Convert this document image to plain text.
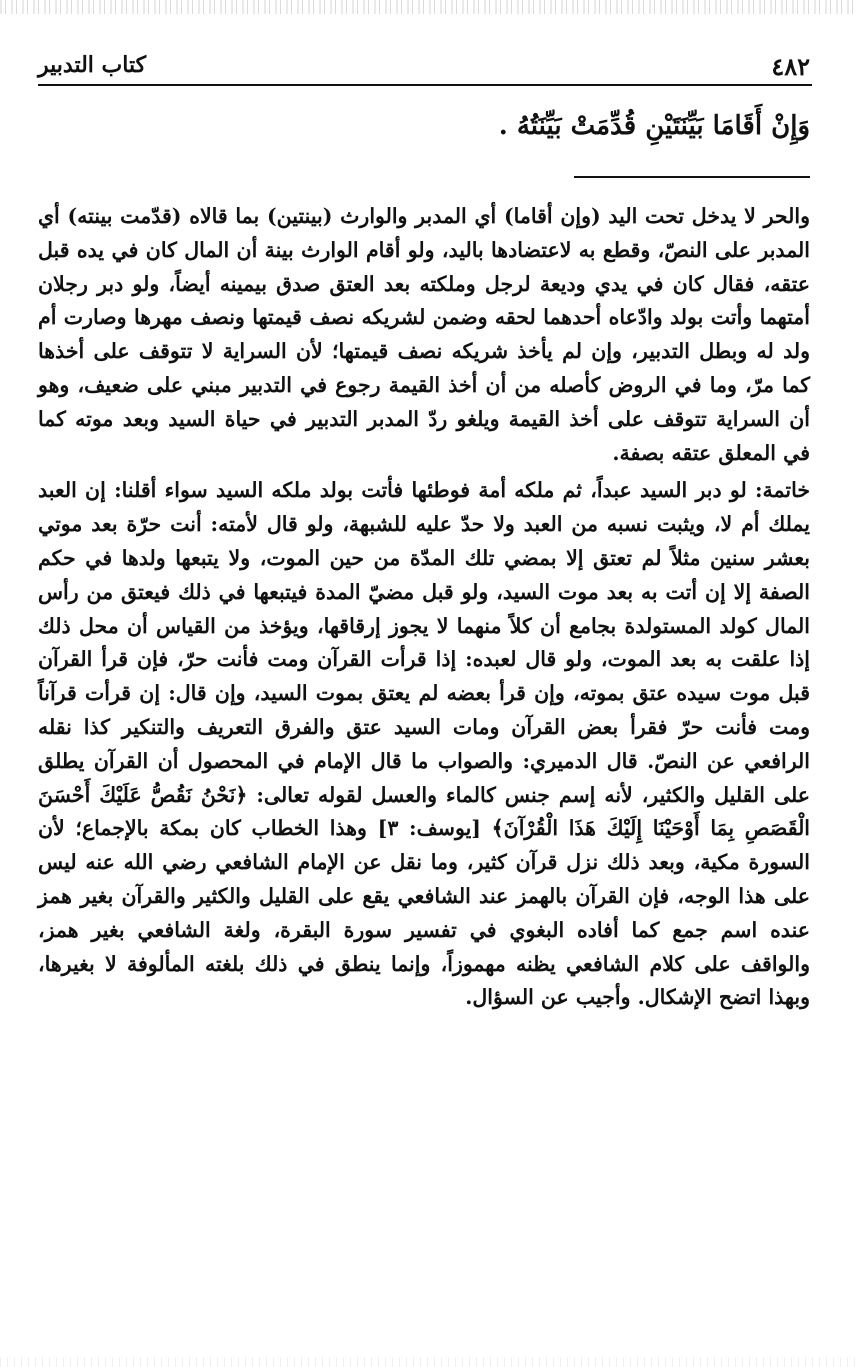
كتاب التدبير	٤٨٢
وَإِنْ أَقَامَا بَيِّنَتَيْنِ قُدِّمَتْ بَيِّنَتُهُ .

والحر لا يدخل تحت اليد (وإن أقاما) أي المدبر والوارث (بينتين) بما قالاه (قدّمت بينته) أي المدبر على النصّ، وقطع به لاعتضادها باليد، ولو أقام الوارث بينة أن المال كان في يده قبل عتقه، فقال كان في يدي وديعة لرجل وملكته بعد العتق صدق بيمينه أيضاً، ولو دبر رجلان أمتهما وأتت بولد وادّعاه أحدهما لحقه وضمن لشريكه نصف قيمتها ونصف مهرها وصارت أم ولد له وبطل التدبير، وإن لم يأخذ شريكه نصف قيمتها؛ لأن السراية لا تتوقف على أخذها كما مرّ، وما في الروض كأصله من أن أخذ القيمة رجوع في التدبير مبني على ضعيف، وهو أن السراية تتوقف على أخذ القيمة ويلغو ردّ المدبر التدبير في حياة السيد وبعد موته كما في المعلق عتقه بصفة.

خاتمة: لو دبر السيد عبداً، ثم ملكه أمة فوطئها فأتت بولد ملكه السيد سواء أقلنا: إن العبد يملك أم لا، ويثبت نسبه من العبد ولا حدّ عليه للشبهة، ولو قال لأمته: أنت حرّة بعد موتي بعشر سنين مثلاً لم تعتق إلا بمضي تلك المدّة من حين الموت، ولا يتبعها ولدها في حكم الصفة إلا إن أتت به بعد موت السيد، ولو قبل مضيّ المدة فيتبعها في ذلك فيعتق من رأس المال كولد المستولدة بجامع أن كلاً منهما لا يجوز إرقاقها، ويؤخذ من القياس أن محل ذلك إذا علقت به بعد الموت، ولو قال لعبده: إذا قرأت القرآن ومت فأنت حرّ، فإن قرأ القرآن قبل موت سيده عتق بموته، وإن قرأ بعضه لم يعتق بموت السيد، وإن قال: إن قرأت قرآناً ومت فأنت حرّ فقرأ بعض القرآن ومات السيد عتق والفرق التعريف والتنكير كذا نقله الرافعي عن النصّ. قال الدميري: والصواب ما قال الإمام في المحصول أن القرآن يطلق على القليل والكثير، لأنه إسم جنس كالماء والعسل لقوله تعالى: ﴿نَحْنُ نَقُصُّ عَلَيْكَ أَحْسَنَ الْقَصَصِ بِمَا أَوْحَيْنَا إِلَيْكَ هَذَا الْقُرْآنَ﴾ [يوسف: ٣] وهذا الخطاب كان بمكة بالإجماع؛ لأن السورة مكية، وبعد ذلك نزل قرآن كثير، وما نقل عن الإمام الشافعي رضي الله عنه ليس على هذا الوجه، فإن القرآن بالهمز عند الشافعي يقع على القليل والكثير والقرآن بغير همز عنده اسم جمع كما أفاده البغوي في تفسير سورة البقرة، ولغة الشافعي بغير همز، والواقف على كلام الشافعي يظنه مهموزاً، وإنما ينطق في ذلك بلغته المألوفة لا بغيرها، وبهذا اتضح الإشكال. وأجيب عن السؤال.
